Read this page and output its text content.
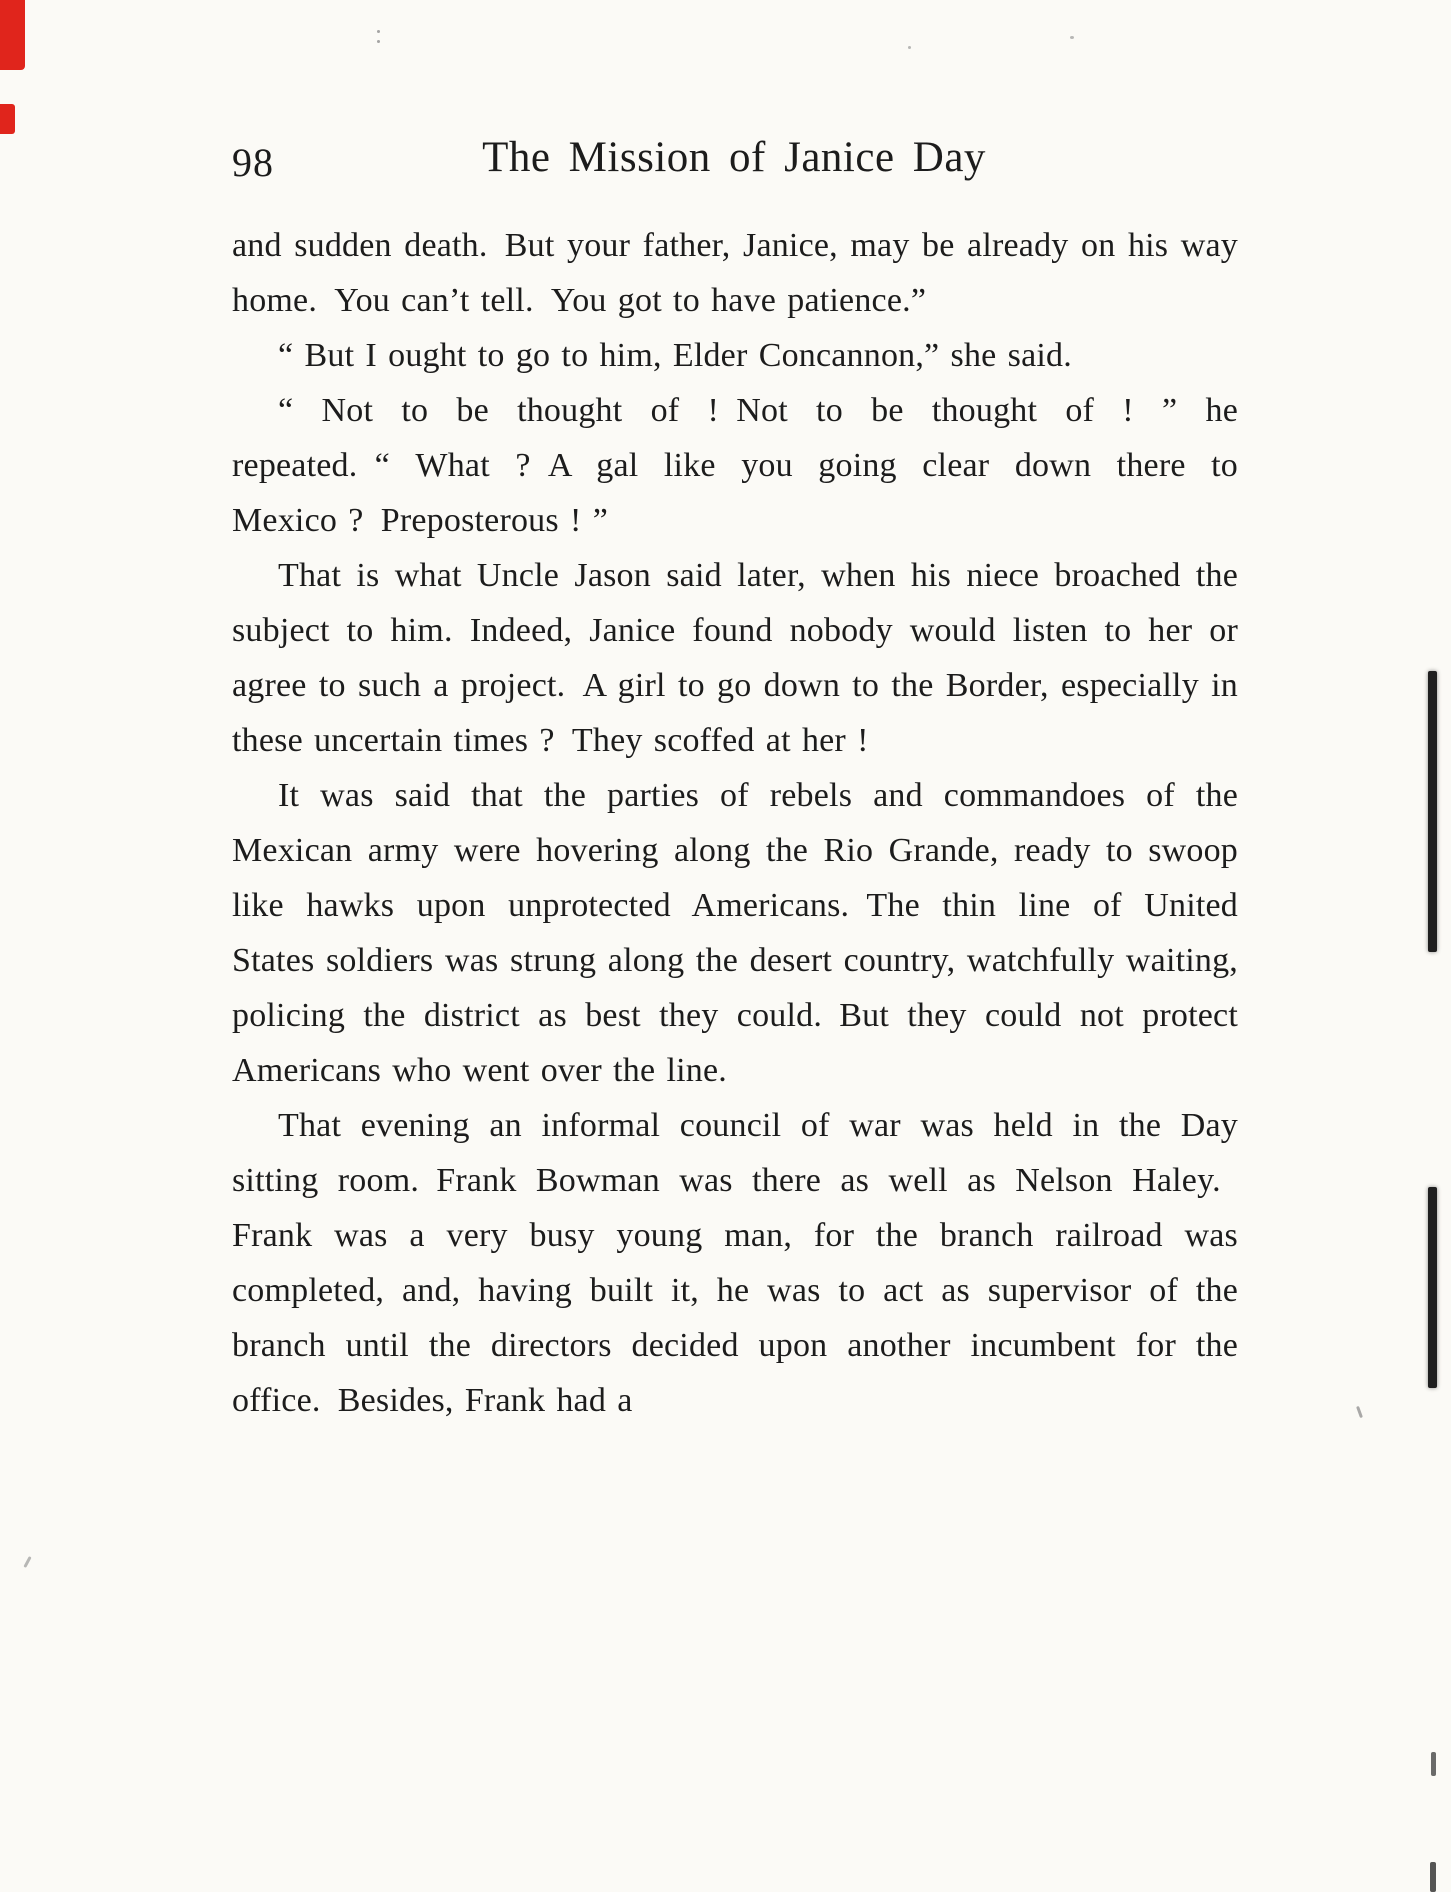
98	The Mission of Janice Day

and sudden death. But your father, Janice, may be already on his way home. You can’t tell. You got to have patience.”

“ But I ought to go to him, Elder Concannon,” she said.

“ Not to be thought of ! Not to be thought of ! ” he repeated. “ What ? A gal like you going clear down there to Mexico ? Preposterous ! ”

That is what Uncle Jason said later, when his niece broached the subject to him. Indeed, Janice found nobody would listen to her or agree to such a project. A girl to go down to the Border, especially in these uncertain times ? They scoffed at her !

It was said that the parties of rebels and commandoes of the Mexican army were hovering along the Rio Grande, ready to swoop like hawks upon unprotected Americans. The thin line of United States soldiers was strung along the desert country, watchfully waiting, policing the district as best they could. But they could not protect Americans who went over the line.

That evening an informal council of war was held in the Day sitting room. Frank Bowman was there as well as Nelson Haley. Frank was a very busy young man, for the branch railroad was completed, and, having built it, he was to act as supervisor of the branch until the directors decided upon another incumbent for the office. Besides, Frank had a
